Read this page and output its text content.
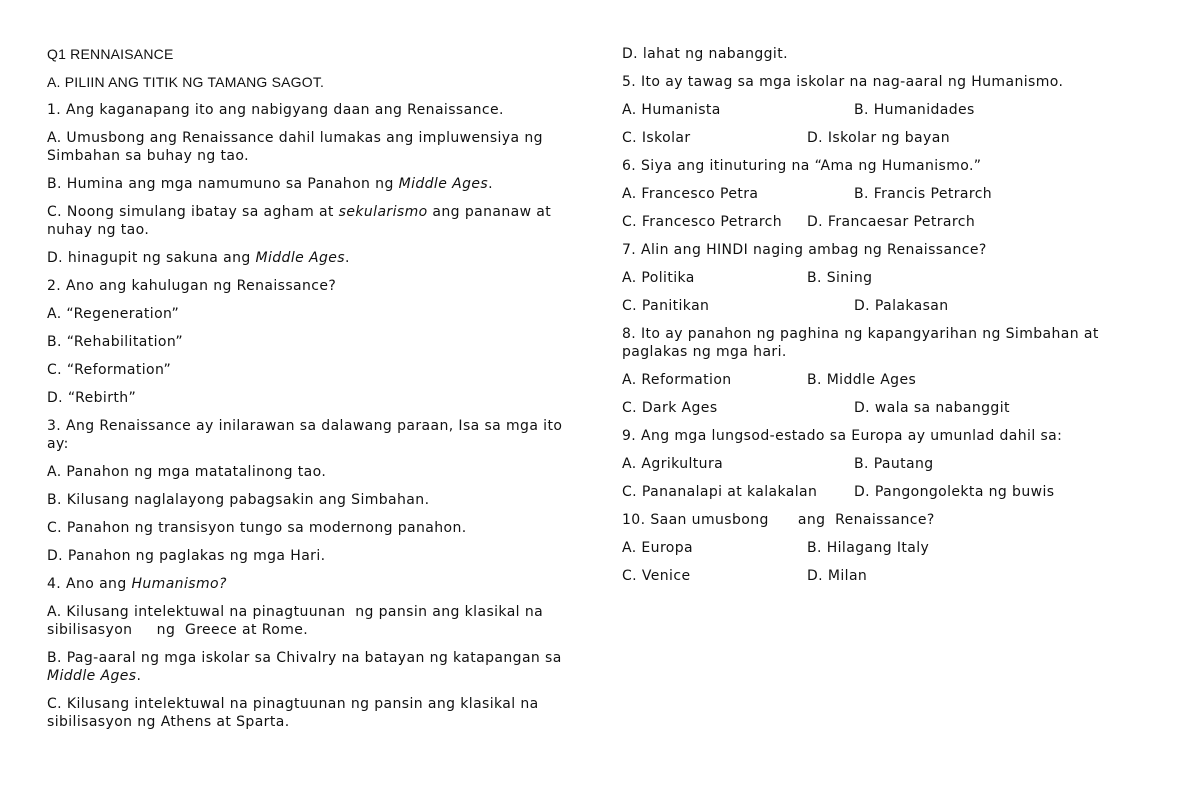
Q1 RENNAISANCE

A. PILIIN ANG TITIK NG TAMANG SAGOT.

1. Ang kaganapang ito ang nabigyang daan ang Renaissance.

A. Umusbong ang Renaissance dahil lumakas ang impluwensiya ng Simbahan sa buhay ng tao.

B. Humina ang mga namumuno sa Panahon ng Middle Ages.

C. Noong simulang ibatay sa agham at sekularismo ang pananaw at nuhay ng tao.

D. hinagupit ng sakuna ang Middle Ages.

2. Ano ang kahulugan ng Renaissance?

A. “Regeneration”

B. “Rehabilitation”

C. “Reformation”

D. “Rebirth”

3. Ang Renaissance ay inilarawan sa dalawang paraan, Isa sa mga ito ay:

A. Panahon ng mga matatalinong tao.

B. Kilusang naglalayong pabagsakin ang Simbahan.

C. Panahon ng transisyon tungo sa modernong panahon.

D. Panahon ng paglakas ng mga Hari.

4. Ano ang Humanismo?

A. Kilusang intelektuwal na pinagtuunan  ng pansin ang klasikal na sibilisasyon     ng  Greece at Rome.

B. Pag-aaral ng mga iskolar sa Chivalry na batayan ng katapangan sa Middle Ages.

C. Kilusang intelektuwal na pinagtuunan ng pansin ang klasikal na sibilisasyon ng Athens at Sparta.

D. lahat ng nabanggit.

5. Ito ay tawag sa mga iskolar na nag-aaral ng Humanismo.

A. Humanista	B. Humanidades
C. Iskolar	D. Iskolar ng bayan

6. Siya ang itinuturing na “Ama ng Humanismo.”

A. Francesco Petra	B. Francis Petrarch
C. Francesco Petrarch	D. Francaesar Petrarch

7. Alin ang HINDI naging ambag ng Renaissance?

A. Politika	B. Sining
C. Panitikan	D. Palakasan

8. Ito ay panahon ng paghina ng kapangyarihan ng Simbahan at paglakas ng mga hari.

A. Reformation	B. Middle Ages
C. Dark Ages	D. wala sa nabanggit

9. Ang mga lungsod-estado sa Europa ay umunlad dahil sa:

A. Agrikultura	B. Pautang
C. Pananalapi at kalakalan	D. Pangongolekta ng buwis

10. Saan umusbong      ang  Renaissance?

A. Europa	B. Hilagang Italy
C. Venice	D. Milan
